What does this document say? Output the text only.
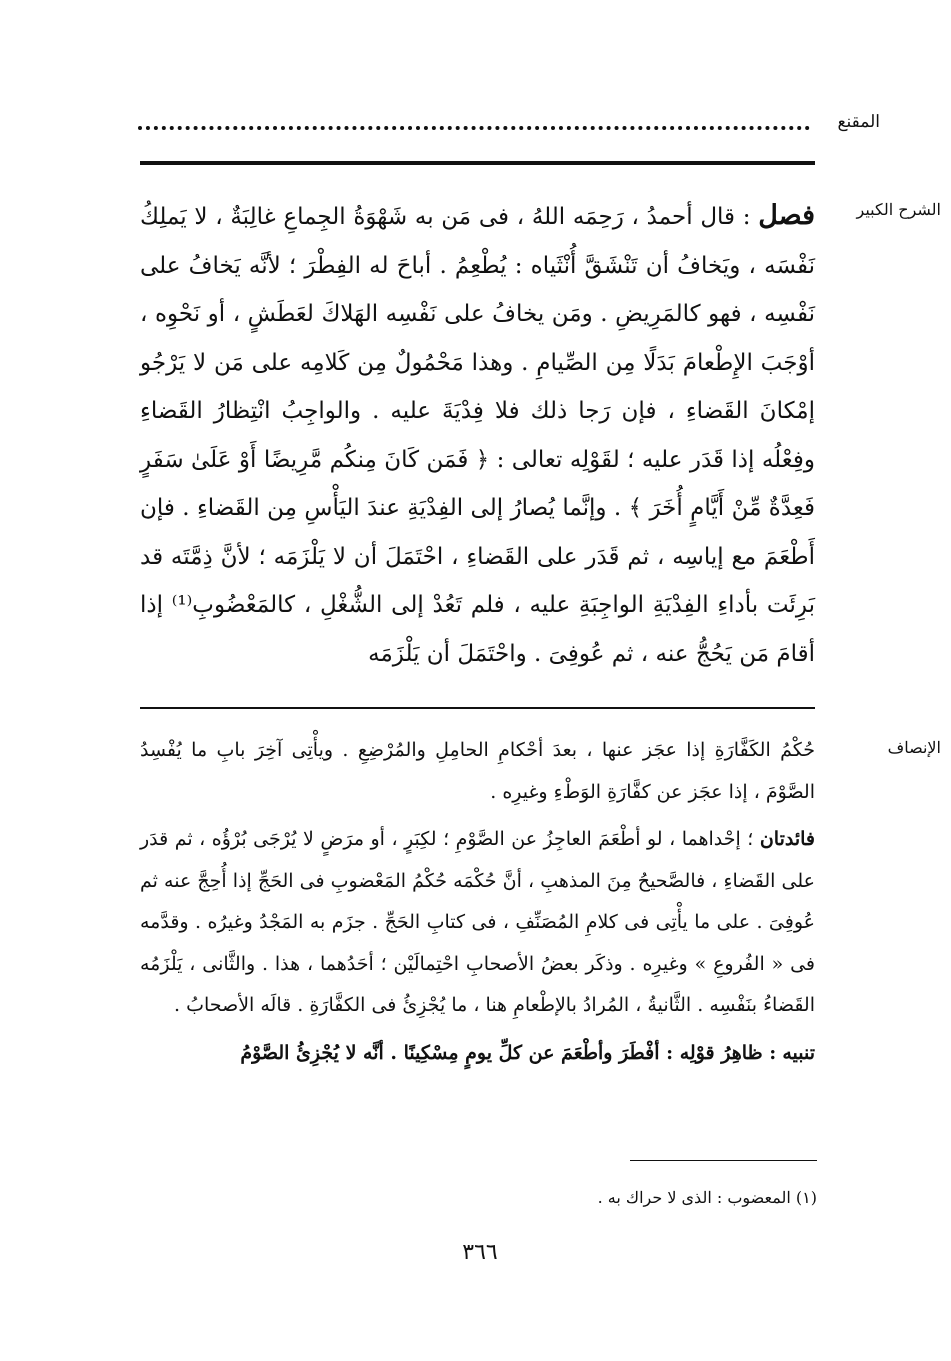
المقنع
الشرح الكبير
فصل : قال أحمدُ ، رَحِمَه اللهُ ، فى مَن به شَهْوَةُ الجِماعِ غالِبَةٌ ، لا يَملِكُ نَفْسَه ، ويَخافُ أن تَنْشَقَّ أُنْثَياه : يُطْعِمُ . أباحَ له الفِطْرَ ؛ لأنَّه يَخافُ على نَفْسِه ، فهو كالمَرِيضِ . ومَن يخافُ على نَفْسِه الهَلاكَ لعَطَشٍ ، أو نَحْوِه ، أوْجَبَ الإِطْعامَ بَدَلًا مِن الصِّيامِ . وهذا مَحْمُولٌ مِن كَلامِه على مَن لا يَرْجُو إمْكانَ القَضاءِ ، فإن رَجا ذلك فلا فِدْيَةَ عليه . والواجِبُ انْتِظارُ القَضاءِ وفِعْلُه إذا قَدَر عليه ؛ لقَوْلِه تعالى : ﴿ فَمَن كَانَ مِنكُم مَّرِيضًا أَوْ عَلَىٰ سَفَرٍ فَعِدَّةٌ مِّنْ أَيَّامٍ أُخَرَ ﴾ . وإنَّما يُصارُ إلى الفِدْيَةِ عندَ اليَأْسِ مِن القَضاءِ . فإن أَطْعَمَ مع إياسِه ، ثم قَدَر على القَضاءِ ، احْتَمَلَ أن لا يَلْزَمَه ؛ لأنَّ ذِمَّتَه قد بَرِئَت بأداءِ الفِدْيَةِ الواجِبَةِ عليه ، فلم تَعُدْ إلى الشُّغْلِ ، كالمَعْضُوبِ⁽¹⁾ إذا أقامَ مَن يَحُجُّ عنه ، ثم عُوفِىَ . واحْتَمَلَ أن يَلْزَمَه
الإنصاف

حُكْمُ الكَفَّارَةِ إذا عجَز عنها ، بعدَ أحْكامِ الحامِلِ والمُرْضِعِ . ويأْتِى آخِرَ بابِ ما يُفْسِدُ الصَّوْمَ ، إذا عجَز عن كفَّارَةِ الوَطْءِ وغيرِه .

فائدتان ؛ إحْداهما ، لو أطْعَمَ العاجِزُ عن الصَّوْمِ ؛ لكِبَرٍ ، أو مرَضٍ لا يُرْجَى بُرْؤُه ، ثم قدَر على القَضاءِ ، فالصَّحيحُ مِنَ المذهبِ ، أنَّ حُكْمَه حُكْمُ المَعْضوبِ فى الحَجِّ إذا أُحِجَّ عنه ثم عُوفِىَ . على ما يأْتِى فى كلامِ المُصَنِّفِ ، فى كتابِ الحَجِّ . جزَم به المَجْدُ وغيرُه . وقدَّمه فى « الفُروعِ » وغيرِه . وذكَر بعضُ الأصحابِ احْتِمالَيْن ؛ أحَدُهما ، هذا . والثَّانى ، يَلْزَمُه القَضاءُ بنَفْسِه . الثَّانيةُ ، المُرادُ بالإطْعامِ هنا ، ما يُجْزِئُ فى الكفَّارَةِ . قالَه الأصحابُ .

تنبيه : ظاهِرُ قوْلِه : أفْطَرَ وأطْعَمَ عن كلِّ يومٍ مِسْكِينًا . أنَّه لا يُجْزِئُ الصَّوْمُ

(١) المعضوب : الذى لا حراك به .
٣٦٦
